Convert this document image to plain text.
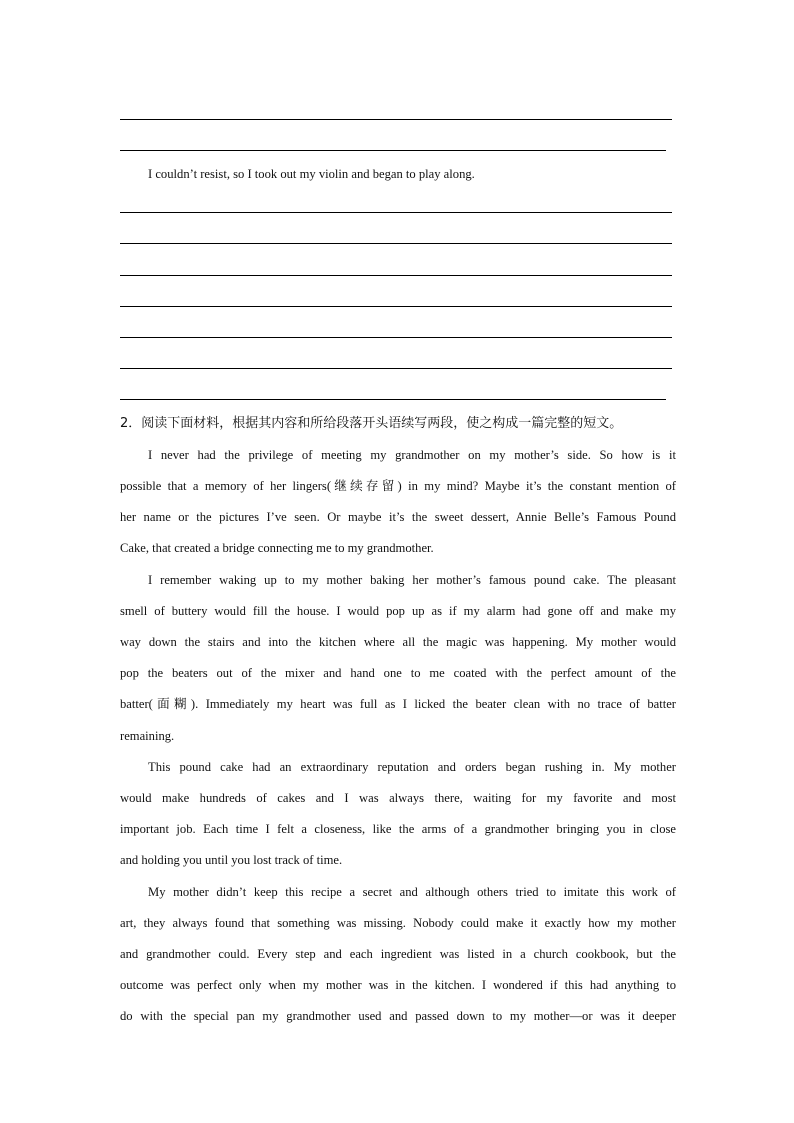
I couldn’t resist, so I took out my violin and began to play along.
2．阅读下面材料，根据其内容和所给段落开头语续写两段，使之构成一篇完整的短文。
I never had the privilege of meeting my grandmother on my mother’s side. So how is it
possible that a memory of her lingers(继续存留) in my mind? Maybe it’s the constant mention of
her name or the pictures I’ve seen. Or maybe it’s the sweet dessert, Annie Belle’s Famous Pound
Cake, that created a bridge connecting me to my grandmother.
I remember waking up to my mother baking her mother’s famous pound cake. The pleasant
smell of buttery would fill the house. I would pop up as if my alarm had gone off and make my
way down the stairs and into the kitchen where all the magic was happening. My mother would
pop the beaters out of the mixer and hand one to me coated with the perfect amount of the
batter(面糊). Immediately my heart was full as I licked the beater clean with no trace of batter
remaining.
This pound cake had an extraordinary reputation and orders began rushing in. My mother
would make hundreds of cakes and I was always there, waiting for my favorite and most
important job. Each time I felt a closeness, like the arms of a grandmother bringing you in close
and holding you until you lost track of time.
My mother didn’t keep this recipe a secret and although others tried to imitate this work of
art, they always found that something was missing. Nobody could make it exactly how my mother
and grandmother could. Every step and each ingredient was listed in a church cookbook, but the
outcome was perfect only when my mother was in the kitchen. I wondered if this had anything to
do with the special pan my grandmother used and passed down to my mother—or was it deeper
